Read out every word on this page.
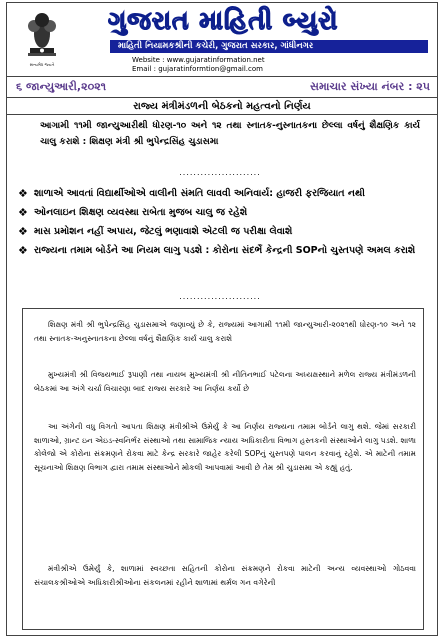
સત્યમેવ જયતે
ગુજરાત માહિતી બ્યુરો
માહિતી નિયામકશ્રીની કચેરી, ગુજરાત સરકાર, ગાંધીનગર
Website : www.gujaratinformation.net
Email : gujaratinformtion@gmail.com
૬ જાન્યુઆરી,૨૦૨૧	સમાચાર સંખ્યા નંબર : ૨૫
રાજ્ય મંત્રીમંડળની બેઠકનો મહત્વનો નિર્ણય
આગામી ૧૧મી જાન્યુઆરીથી ધોરણ-૧૦ અને ૧૨ તથા સ્નાતક-નુસ્નાતકના છેલ્લા વર્ષનું શૈક્ષણિક કાર્ય ચાલુ કરાશે : શિક્ષણ મંત્રી શ્રી ભુપેન્દ્રસિંહ ચુડાસમા
.......................
❖ શાળાએ આવતાં વિદ્યાર્થીઓએ વાલીની સંમતિ લાવવી અનિવાર્ય: હાજરી ફરજિયાત નથી
❖ ઓનલાઇન શિક્ષણ વ્યવસ્થા રાબેતા મુજબ ચાલુ જ રહેશે
❖ માસ પ્રમોશન નહીં અપાય, જેટલું ભણાવાશે એટલી જ પરીક્ષા લેવાશે
❖ રાજ્યના તમામ બોર્ડને આ નિયમ લાગુ પડશે : કોરોના સંદર્ભે કેન્દ્રની SOPનો ચુસ્તપણે અમલ કરાશે
.......................
શિક્ષણ મંત્રી શ્રી ભુપેન્દ્રસિંહ ચુડાસમાએ જણાવ્યું છે કે, રાજ્યમાં આગામી ૧૧મી જાન્યુઆરી-૨૦૨૧થી ધોરણ-૧૦ અને ૧૨ તથા સ્નાતક-અનુસ્નાતકના છેલ્લા વર્ષનું શૈક્ષણિક કાર્ય ચાલુ કરાશે
મુખ્યમંત્રી શ્રી વિજયભાઈ રૂપાણી તથા નાયબ મુખ્યમંત્રી શ્રી નીતિનભાઈ પટેલના અધ્યક્ષસ્થાને મળેલ રાજ્ય મંત્રીમંડળની બેઠકમાં આ અંગે ચર્ચા વિચારણા બાદ રાજ્ય સરકારે આ નિર્ણય કર્યો છે
આ અંગેની વધુ વિગતો આપતા શિક્ષણ મંત્રીશ્રીએ ઉમેર્યું કે આ નિર્ણય રાજ્યના તમામ બોર્ડને લાગુ થશે. જેમાં સરકારી શાળાઓ, ગ્રાન્ટ ઇન એઇડ-સ્વનિર્ભર સંસ્થાઓ તથા સામાજિક ન્યાય અધિકારીતા વિભાગ હસ્તકની સંસ્થાઓને લાગુ પડશે. શાળા કોલેજો એ કોરોના સંક્રમણને રોકવા માટે કેન્દ્ર સરકારે જાહેર કરેલી SOPનું ચુસ્તપણે પાલન કરવાનું રહેશે. એ માટેની તમામ સૂચનાઓ શિક્ષણ વિભાગ દ્વારા તમામ સંસ્થાઓને મોકલી આપવામાં આવી છે તેમ શ્રી ચુડાસમા એ કહ્યું હતું.
મંત્રીશ્રીએ ઉમેર્યું કે, શાળામાં સ્વચ્છતા સહિતની કોરોના સંક્રમણને રોકવા માટેની અન્ય વ્યવસ્થાઓ ગોઠવવા સંચાલકશ્રીઓએ અધિકારીશ્રીઓના સંકલનમાં રહીને શાળામાં થર્મલ ગન વગેરેની
